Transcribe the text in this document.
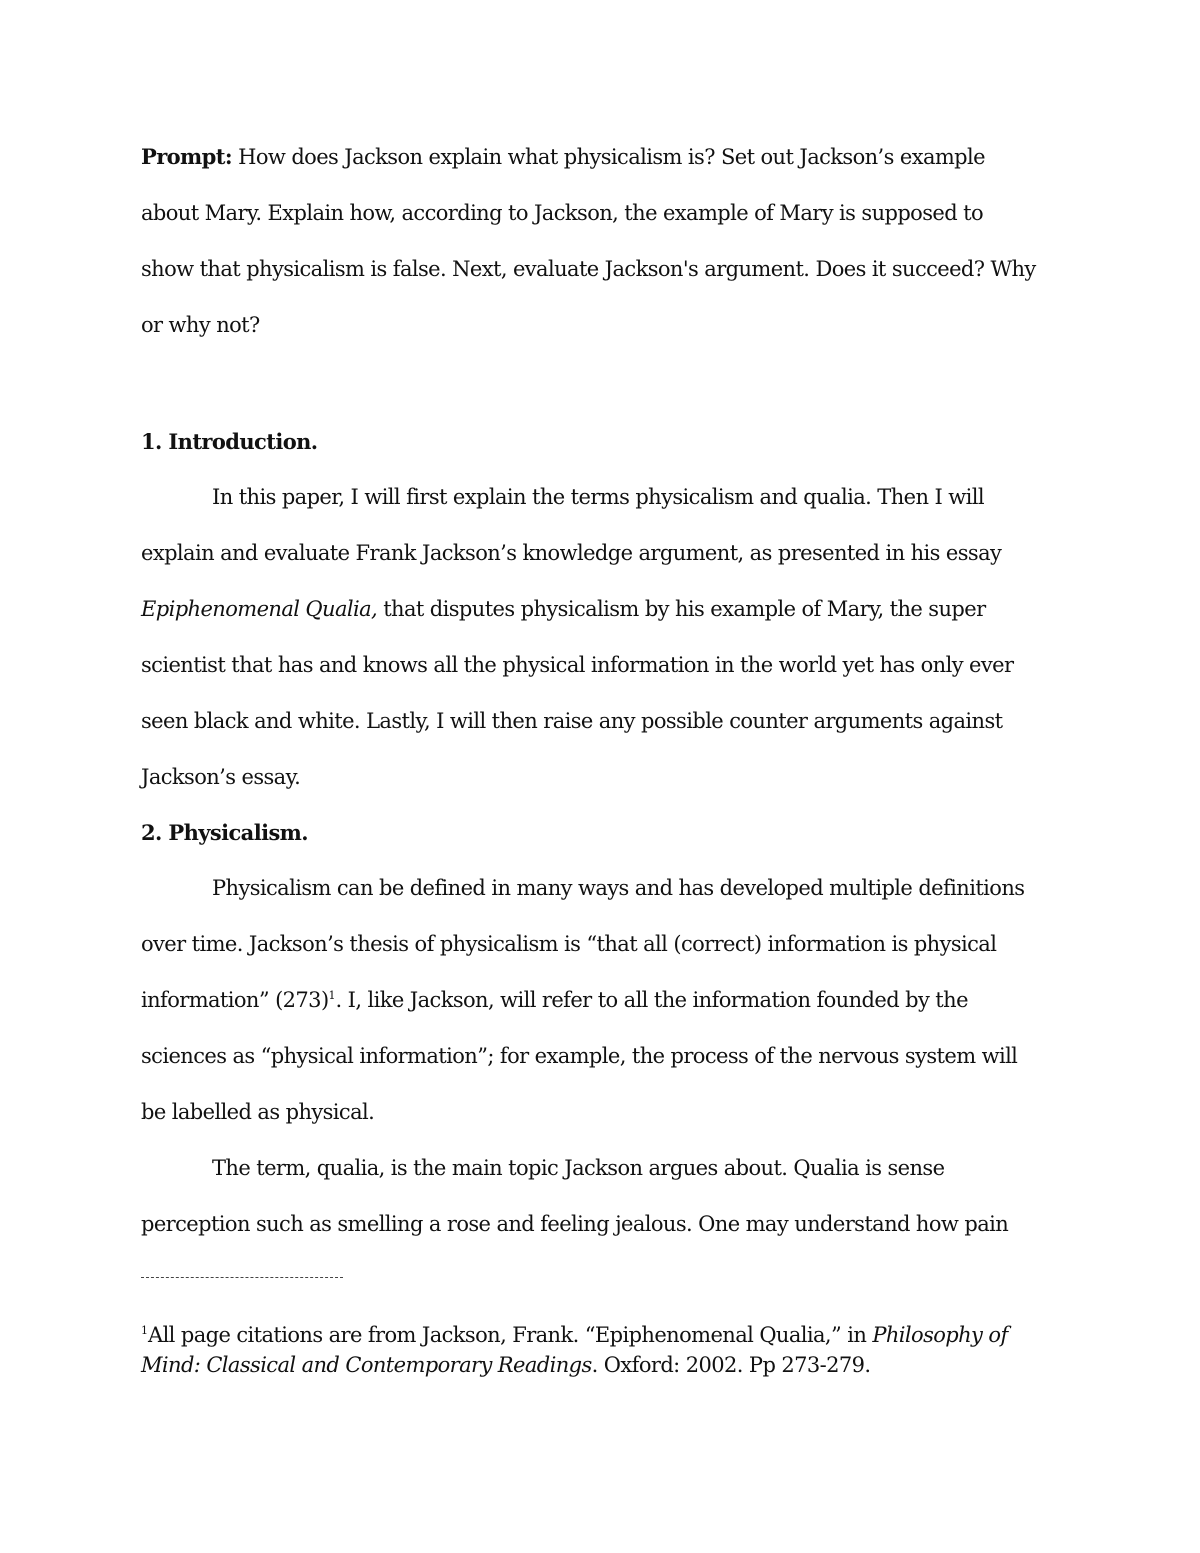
Prompt: How does Jackson explain what physicalism is? Set out Jackson’s example
about Mary. Explain how, according to Jackson, the example of Mary is supposed to
show that physicalism is false. Next, evaluate Jackson's argument. Does it succeed? Why
or why not?
1. Introduction.
In this paper, I will first explain the terms physicalism and qualia. Then I will
explain and evaluate Frank Jackson’s knowledge argument, as presented in his essay
Epiphenomenal Qualia, that disputes physicalism by his example of Mary, the super
scientist that has and knows all the physical information in the world yet has only ever
seen black and white. Lastly, I will then raise any possible counter arguments against
Jackson’s essay.
2. Physicalism.
Physicalism can be defined in many ways and has developed multiple definitions
over time. Jackson’s thesis of physicalism is “that all (correct) information is physical
information” $(273)^1$. I, like Jackson, will refer to all the information founded by the
sciences as “physical information”; for example, the process of the nervous system will
be labelled as physical.
The term, qualia, is the main topic Jackson argues about. Qualia is sense
perception such as smelling a rose and feeling jealous. One may understand how pain
$^1$All page citations are from Jackson, Frank. “Epiphenomenal Qualia,” in Philosophy of
Mind: Classical and Contemporary Readings. Oxford: 2002. Pp 273-279.
